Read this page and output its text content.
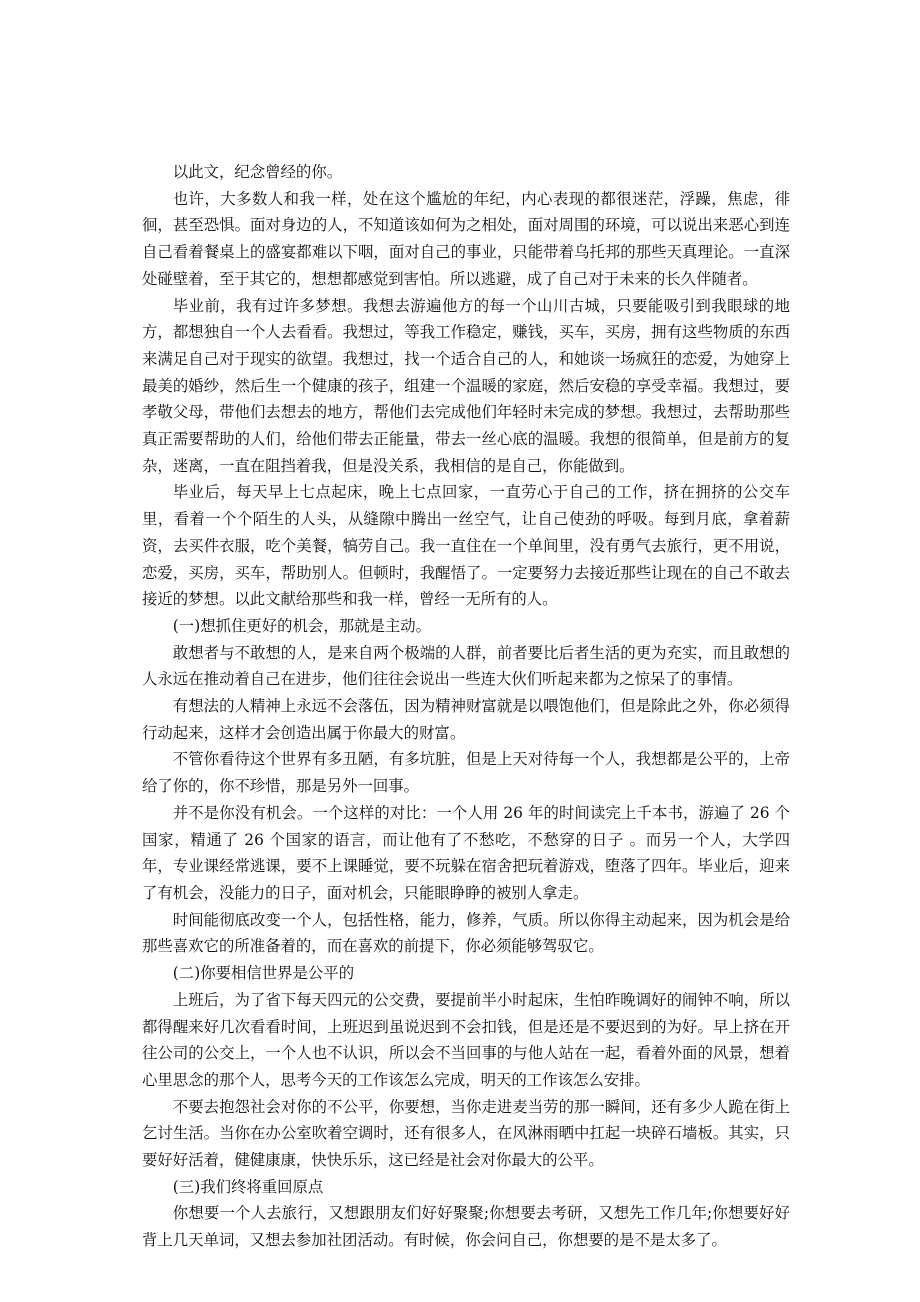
以此文，纪念曾经的你。

也许，大多数人和我一样，处在这个尴尬的年纪，内心表现的都很迷茫，浮躁，焦虑，徘徊，甚至恐惧。面对身边的人，不知道该如何为之相处，面对周围的环境，可以说出来恶心到连自己看着餐桌上的盛宴都难以下咽，面对自己的事业，只能带着乌托邦的那些天真理论。一直深处碰壁着，至于其它的，想想都感觉到害怕。所以逃避，成了自己对于未来的长久伴随者。

毕业前，我有过许多梦想。我想去游遍他方的每一个山川古城，只要能吸引到我眼球的地方，都想独自一个人去看看。我想过，等我工作稳定，赚钱，买车，买房，拥有这些物质的东西来满足自己对于现实的欲望。我想过，找一个适合自己的人，和她谈一场疯狂的恋爱，为她穿上最美的婚纱，然后生一个健康的孩子，组建一个温暖的家庭，然后安稳的享受幸福。我想过，要孝敬父母，带他们去想去的地方，帮他们去完成他们年轻时未完成的梦想。我想过，去帮助那些真正需要帮助的人们，给他们带去正能量，带去一丝心底的温暖。我想的很简单，但是前方的复杂，迷离，一直在阻挡着我，但是没关系，我相信的是自己，你能做到。

毕业后，每天早上七点起床，晚上七点回家，一直劳心于自己的工作，挤在拥挤的公交车里，看着一个个陌生的人头，从缝隙中腾出一丝空气，让自己使劲的呼吸。每到月底，拿着薪资，去买件衣服，吃个美餐，犒劳自己。我一直住在一个单间里，没有勇气去旅行，更不用说，恋爱，买房，买车，帮助别人。但顿时，我醒悟了。一定要努力去接近那些让现在的自己不敢去接近的梦想。以此文献给那些和我一样，曾经一无所有的人。

(一)想抓住更好的机会，那就是主动。

敢想者与不敢想的人，是来自两个极端的人群，前者要比后者生活的更为充实，而且敢想的人永远在推动着自己在进步，他们往往会说出一些连大伙们听起来都为之惊呆了的事情。

有想法的人精神上永远不会落伍，因为精神财富就是以喂饱他们，但是除此之外，你必须得行动起来，这样才会创造出属于你最大的财富。

不管你看待这个世界有多丑陋，有多坑脏，但是上天对待每一个人，我想都是公平的，上帝给了你的，你不珍惜，那是另外一回事。

并不是你没有机会。一个这样的对比：一个人用 26 年的时间读完上千本书，游遍了 26 个国家，精通了 26 个国家的语言，而让他有了不愁吃，不愁穿的日子 。而另一个人，大学四年，专业课经常逃课，要不上课睡觉，要不玩躲在宿舍把玩着游戏，堕落了四年。毕业后，迎来了有机会，没能力的日子，面对机会，只能眼睁睁的被别人拿走。

时间能彻底改变一个人，包括性格，能力，修养，气质。所以你得主动起来，因为机会是给那些喜欢它的所准备着的，而在喜欢的前提下，你必须能够驾驭它。

(二)你要相信世界是公平的

上班后，为了省下每天四元的公交费，要提前半小时起床，生怕昨晚调好的闹钟不响，所以都得醒来好几次看看时间，上班迟到虽说迟到不会扣钱，但是还是不要迟到的为好。早上挤在开往公司的公交上，一个人也不认识，所以会不当回事的与他人站在一起，看着外面的风景，想着心里思念的那个人，思考今天的工作该怎么完成，明天的工作该怎么安排。

不要去抱怨社会对你的不公平，你要想，当你走进麦当劳的那一瞬间，还有多少人跪在街上乞讨生活。当你在办公室吹着空调时，还有很多人，在风淋雨晒中扛起一块碎石墙板。其实，只要好好活着，健健康康，快快乐乐，这已经是社会对你最大的公平。

(三)我们终将重回原点

你想要一个人去旅行，又想跟朋友们好好聚聚;你想要去考研，又想先工作几年;你想要好好背上几天单词，又想去参加社团活动。有时候，你会问自己，你想要的是不是太多了。
